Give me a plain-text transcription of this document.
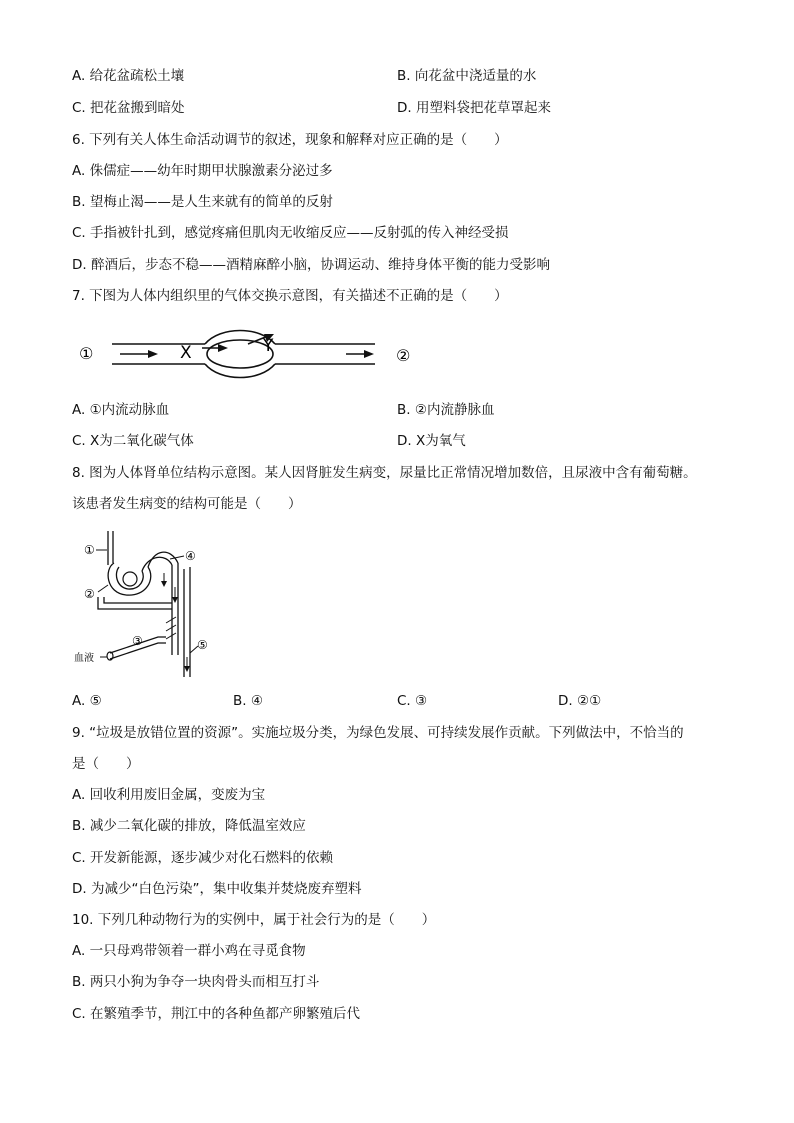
A. 给花盆疏松土壤	B. 向花盆中浇适量的水
C. 把花盆搬到暗处	D. 用塑料袋把花草罩起来
6. 下列有关人体生命活动调节的叙述，现象和解释对应正确的是（　　）
A. 侏儒症——幼年时期甲状腺激素分泌过多
B. 望梅止渴——是人生来就有的简单的反射
C. 手指被针扎到，感觉疼痛但肌肉无收缩反应——反射弧的传入神经受损
D. 醉酒后，步态不稳——酒精麻醉小脑，协调运动、维持身体平衡的能力受影响
7. 下图为人体内组织里的气体交换示意图，有关描述不正确的是（　　）
①	②
X	Y
A. ①内流动脉血	B. ②内流静脉血
C. X为二氧化碳气体	D. X为氧气
8. 图为人体肾单位结构示意图。某人因肾脏发生病变，尿量比正常情况增加数倍，且尿液中含有葡萄糖。
该患者发生病变的结构可能是（　　）
①
②
③
④
⑤
血液
A. ⑤	B. ④	C. ③	D. ②①
9. “垃圾是放错位置的资源”。实施垃圾分类，为绿色发展、可持续发展作贡献。下列做法中，不恰当的
是（　　）
A. 回收利用废旧金属，变废为宝
B. 减少二氧化碳的排放，降低温室效应
C. 开发新能源，逐步减少对化石燃料的依赖
D. 为减少“白色污染”，集中收集并焚烧废弃塑料
10. 下列几种动物行为的实例中，属于社会行为的是（　　）
A. 一只母鸡带领着一群小鸡在寻觅食物
B. 两只小狗为争夺一块肉骨头而相互打斗
C. 在繁殖季节，荆江中的各种鱼都产卵繁殖后代
